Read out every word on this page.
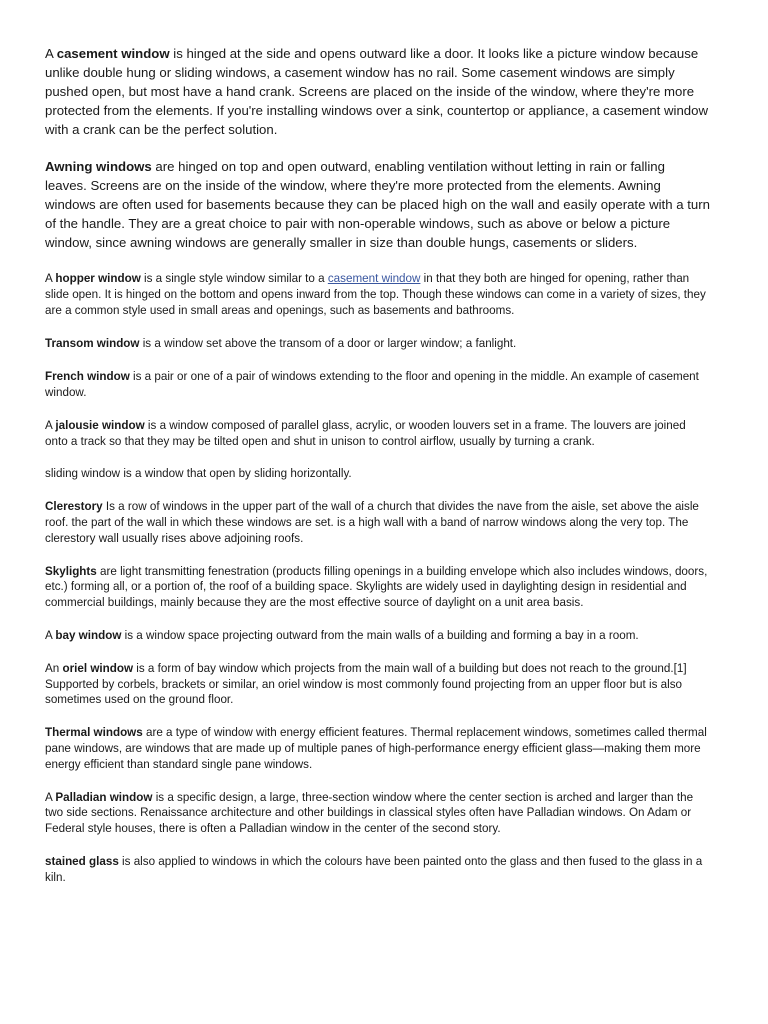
A casement window is hinged at the side and opens outward like a door. It looks like a picture window because unlike double hung or sliding windows, a casement window has no rail. Some casement windows are simply pushed open, but most have a hand crank. Screens are placed on the inside of the window, where they're more protected from the elements. If you're installing windows over a sink, countertop or appliance, a casement window with a crank can be the perfect solution.

Awning windows are hinged on top and open outward, enabling ventilation without letting in rain or falling leaves. Screens are on the inside of the window, where they're more protected from the elements. Awning windows are often used for basements because they can be placed high on the wall and easily operate with a turn of the handle. They are a great choice to pair with non-operable windows, such as above or below a picture window, since awning windows are generally smaller in size than double hungs, casements or sliders.

A hopper window is a single style window similar to a casement window in that they both are hinged for opening, rather than slide open. It is hinged on the bottom and opens inward from the top. Though these windows can come in a variety of sizes, they are a common style used in small areas and openings, such as basements and bathrooms.

Transom window is a window set above the transom of a door or larger window; a fanlight.

French window is a pair or one of a pair of windows extending to the floor and opening in the middle. An example of casement window.

A jalousie window is a window composed of parallel glass, acrylic, or wooden louvers set in a frame. The louvers are joined onto a track so that they may be tilted open and shut in unison to control airflow, usually by turning a crank.

sliding window is a window that open by sliding horizontally.

Clerestory Is a row of windows in the upper part of the wall of a church that divides the nave from the aisle, set above the aisle roof. the part of the wall in which these windows are set. is a high wall with a band of narrow windows along the very top. The clerestory wall usually rises above adjoining roofs.

Skylights are light transmitting fenestration (products filling openings in a building envelope which also includes windows, doors, etc.) forming all, or a portion of, the roof of a building space. Skylights are widely used in daylighting design in residential and commercial buildings, mainly because they are the most effective source of daylight on a unit area basis.

A bay window is a window space projecting outward from the main walls of a building and forming a bay in a room.

An oriel window is a form of bay window which projects from the main wall of a building but does not reach to the ground.[1] Supported by corbels, brackets or similar, an oriel window is most commonly found projecting from an upper floor but is also sometimes used on the ground floor.

Thermal windows are a type of window with energy efficient features. Thermal replacement windows, sometimes called thermal pane windows, are windows that are made up of multiple panes of high-performance energy efficient glass—making them more energy efficient than standard single pane windows.

A Palladian window is a specific design, a large, three-section window where the center section is arched and larger than the two side sections. Renaissance architecture and other buildings in classical styles often have Palladian windows. On Adam or Federal style houses, there is often a Palladian window in the center of the second story.

stained glass is also applied to windows in which the colours have been painted onto the glass and then fused to the glass in a kiln.
